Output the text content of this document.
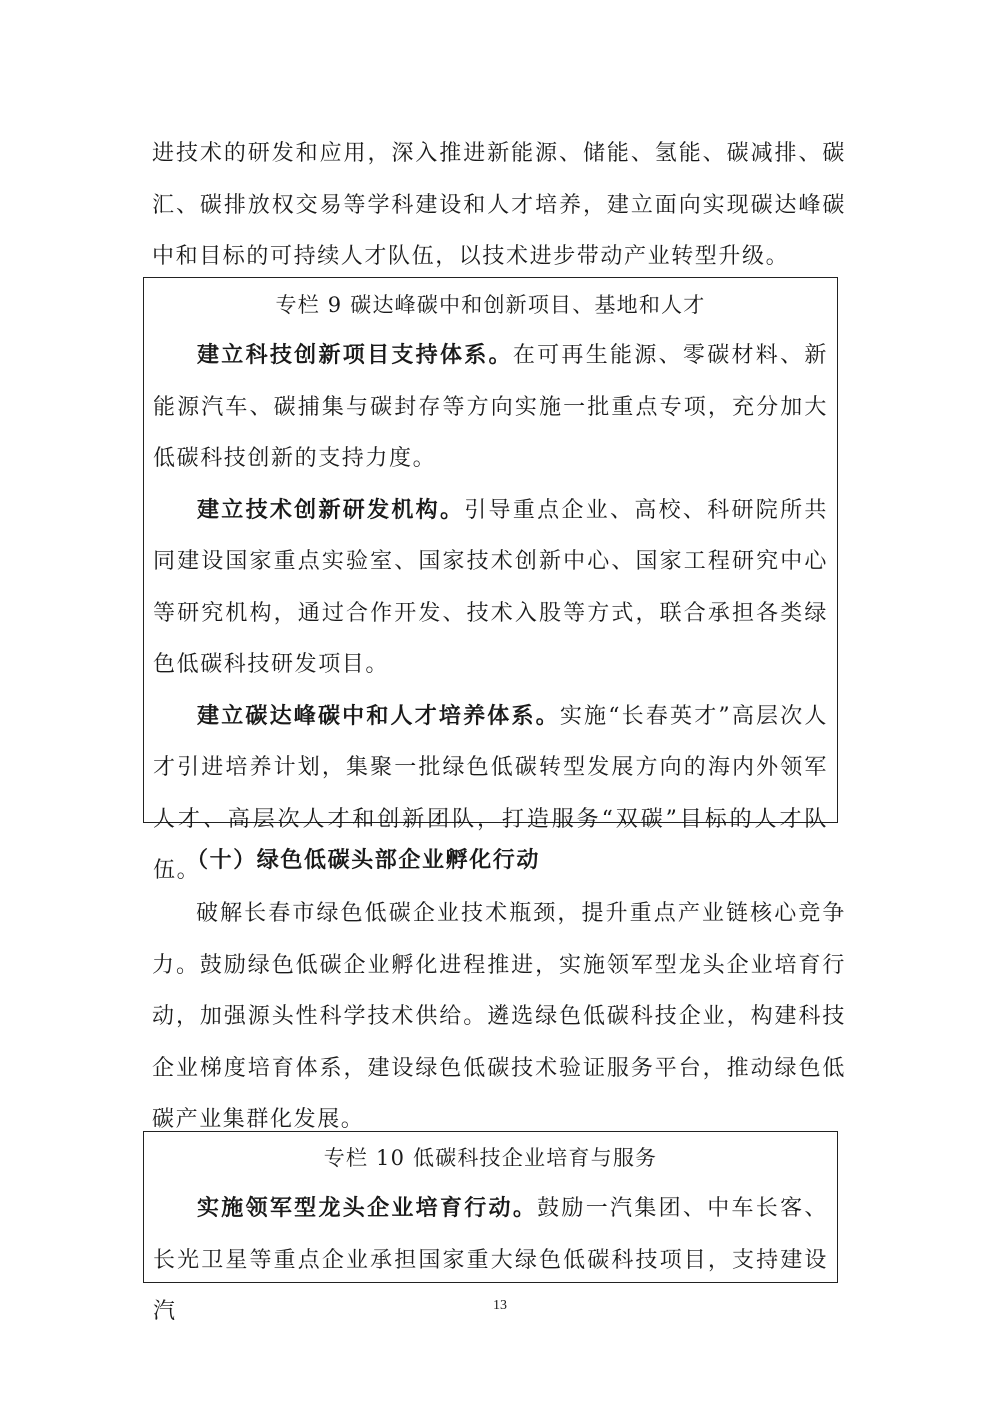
进技术的研发和应用，深入推进新能源、储能、氢能、碳减排、碳汇、碳排放权交易等学科建设和人才培养，建立面向实现碳达峰碳中和目标的可持续人才队伍，以技术进步带动产业转型升级。

专栏 9 碳达峰碳中和创新项目、基地和人才

建立科技创新项目支持体系。在可再生能源、零碳材料、新能源汽车、碳捕集与碳封存等方向实施一批重点专项，充分加大低碳科技创新的支持力度。

建立技术创新研发机构。引导重点企业、高校、科研院所共同建设国家重点实验室、国家技术创新中心、国家工程研究中心等研究机构，通过合作开发、技术入股等方式，联合承担各类绿色低碳科技研发项目。

建立碳达峰碳中和人才培养体系。实施“长春英才”高层次人才引进培养计划，集聚一批绿色低碳转型发展方向的海内外领军人才、高层次人才和创新团队，打造服务“双碳”目标的人才队伍。

（十）绿色低碳头部企业孵化行动

破解长春市绿色低碳企业技术瓶颈，提升重点产业链核心竞争力。鼓励绿色低碳企业孵化进程推进，实施领军型龙头企业培育行动，加强源头性科学技术供给。遴选绿色低碳科技企业，构建科技企业梯度培育体系，建设绿色低碳技术验证服务平台，推动绿色低碳产业集群化发展。

专栏 10 低碳科技企业培育与服务

实施领军型龙头企业培育行动。鼓励一汽集团、中车长客、长光卫星等重点企业承担国家重大绿色低碳科技项目，支持建设汽	13
